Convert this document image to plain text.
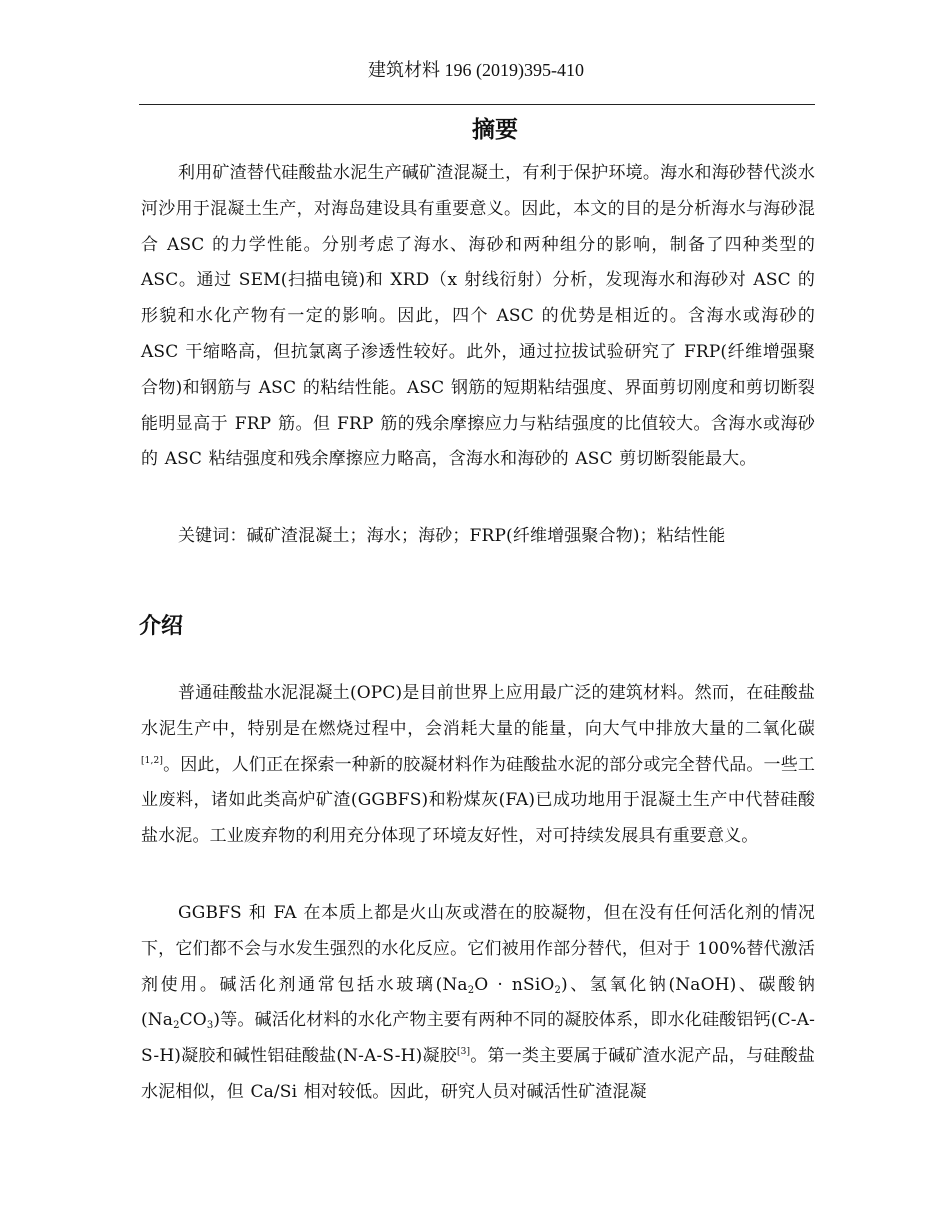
建筑材料 196 (2019)395-410
摘要

利用矿渣替代硅酸盐水泥生产碱矿渣混凝土，有利于保护环境。海水和海砂替代淡水河沙用于混凝土生产，对海岛建设具有重要意义。因此，本文的目的是分析海水与海砂混合 ASC 的力学性能。分别考虑了海水、海砂和两种组分的影响，制备了四种类型的 ASC。通过 SEM(扫描电镜)和 XRD（x 射线衍射）分析，发现海水和海砂对 ASC 的形貌和水化产物有一定的影响。因此，四个 ASC 的优势是相近的。含海水或海砂的 ASC 干缩略高，但抗氯离子渗透性较好。此外，通过拉拔试验研究了 FRP(纤维增强聚合物)和钢筋与 ASC 的粘结性能。ASC 钢筋的短期粘结强度、界面剪切刚度和剪切断裂能明显高于 FRP 筋。但 FRP 筋的残余摩擦应力与粘结强度的比值较大。含海水或海砂的 ASC 粘结强度和残余摩擦应力略高，含海水和海砂的 ASC 剪切断裂能最大。

关键词：碱矿渣混凝土；海水；海砂；FRP(纤维增强聚合物)；粘结性能

介绍

普通硅酸盐水泥混凝土(OPC)是目前世界上应用最广泛的建筑材料。然而，在硅酸盐水泥生产中，特别是在燃烧过程中，会消耗大量的能量，向大气中排放大量的二氧化碳[1,2]。因此，人们正在探索一种新的胶凝材料作为硅酸盐水泥的部分或完全替代品。一些工业废料，诸如此类高炉矿渣(GGBFS)和粉煤灰(FA)已成功地用于混凝土生产中代替硅酸盐水泥。工业废弃物的利用充分体现了环境友好性，对可持续发展具有重要意义。

GGBFS 和 FA 在本质上都是火山灰或潜在的胶凝物，但在没有任何活化剂的情况下，它们都不会与水发生强烈的水化反应。它们被用作部分替代，但对于 100%替代激活剂使用。碱活化剂通常包括水玻璃($Na_2O$ · nSiO$_2$)、氢氧化钠(NaOH)、碳酸钠$(Na_2CO_3)$等。碱活化材料的水化产物主要有两种不同的凝胶体系，即水化硅酸铝钙(C-A-S-H)凝胶和碱性铝硅酸盐(N-A-S-H)凝胶[3]。第一类主要属于碱矿渣水泥产品，与硅酸盐水泥相似，但 Ca/Si 相对较低。因此，研究人员对碱活性矿渣混凝
